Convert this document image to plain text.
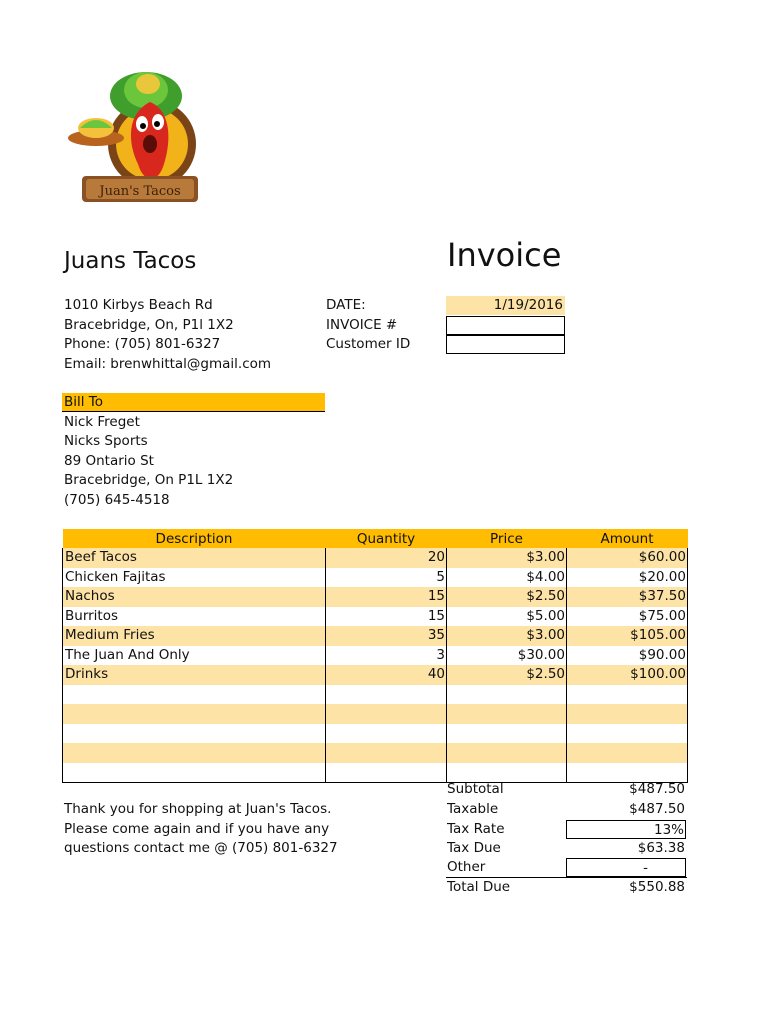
Juan's Tacos
Juans Tacos	Invoice
1010 Kirbys Beach Rd
Bracebridge, On, P1l 1X2
Phone: (705) 801-6327
Email: brenwhittal@gmail.com
DATE:	1/19/2016
INVOICE #
Customer ID
Bill To
Nick Freget
Nicks Sports
89 Ontario St
Bracebridge, On P1L 1X2
(705) 645-4518
Description	Quantity	Price	Amount
Beef Tacos	20	$3.00	$60.00
Chicken Fajitas	5	$4.00	$20.00
Nachos	15	$2.50	$37.50
Burritos	15	$5.00	$75.00
Medium Fries	35	$3.00	$105.00
The Juan And Only	3	$30.00	$90.00
Drinks	40	$2.50	$100.00

Subtotal	$487.50
Taxable	$487.50
Tax Rate	13%
Tax Due	$63.38
Other	-
Total Due	$550.88
Thank you for shopping at Juan's Tacos.
Please come again and if you have any
questions contact me @ (705) 801-6327
